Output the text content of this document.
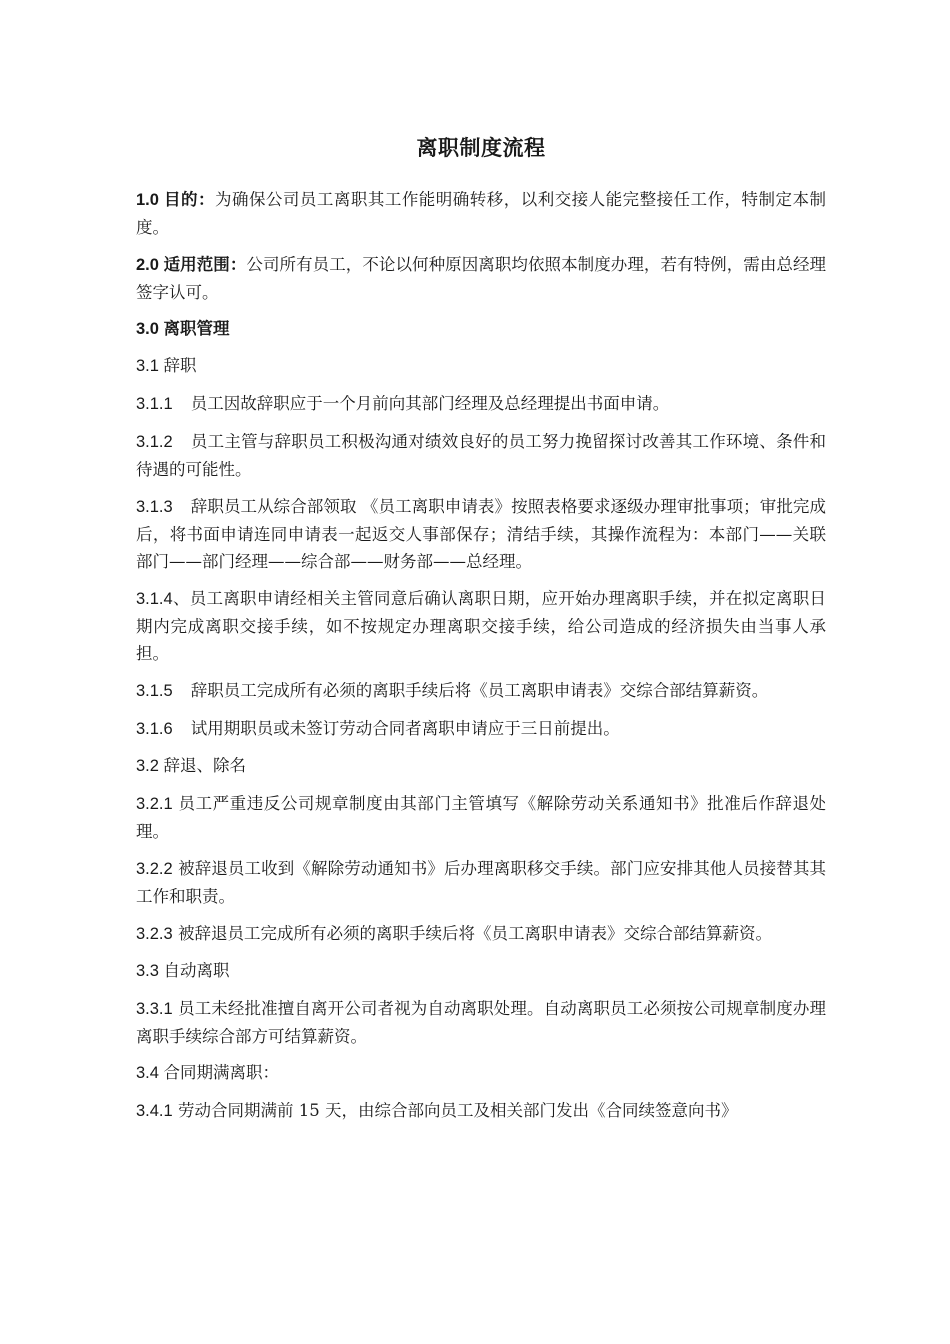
离职制度流程

1.0 目的：为确保公司员工离职其工作能明确转移，以利交接人能完整接任工作，特制定本制度。

2.0 适用范围：公司所有员工，不论以何种原因离职均依照本制度办理，若有特例，需由总经理签字认可。

3.0 离职管理

3.1 辞职

3.1.1 员工因故辞职应于一个月前向其部门经理及总经理提出书面申请。

3.1.2 员工主管与辞职员工积极沟通对绩效良好的员工努力挽留探讨改善其工作环境、条件和待遇的可能性。

3.1.3 辞职员工从综合部领取 《员工离职申请表》按照表格要求逐级办理审批事项；审批完成后，将书面申请连同申请表一起返交人事部保存；清结手续，其操作流程为：本部门——关联部门——部门经理——综合部——财务部——总经理。

3.1.4、员工离职申请经相关主管同意后确认离职日期，应开始办理离职手续，并在拟定离职日期内完成离职交接手续，如不按规定办理离职交接手续，给公司造成的经济损失由当事人承担。

3.1.5 辞职员工完成所有必须的离职手续后将《员工离职申请表》交综合部结算薪资。

3.1.6 试用期职员或未签订劳动合同者离职申请应于三日前提出。

3.2 辞退、除名

3.2.1 员工严重违反公司规章制度由其部门主管填写《解除劳动关系通知书》批准后作辞退处理。

3.2.2 被辞退员工收到《解除劳动通知书》后办理离职移交手续。部门应安排其他人员接替其其工作和职责。

3.2.3 被辞退员工完成所有必须的离职手续后将《员工离职申请表》交综合部结算薪资。

3.3 自动离职

3.3.1 员工未经批准擅自离开公司者视为自动离职处理。自动离职员工必须按公司规章制度办理离职手续综合部方可结算薪资。

3.4 合同期满离职：

3.4.1 劳动合同期满前 15 天，由综合部向员工及相关部门发出《合同续签意向书》
